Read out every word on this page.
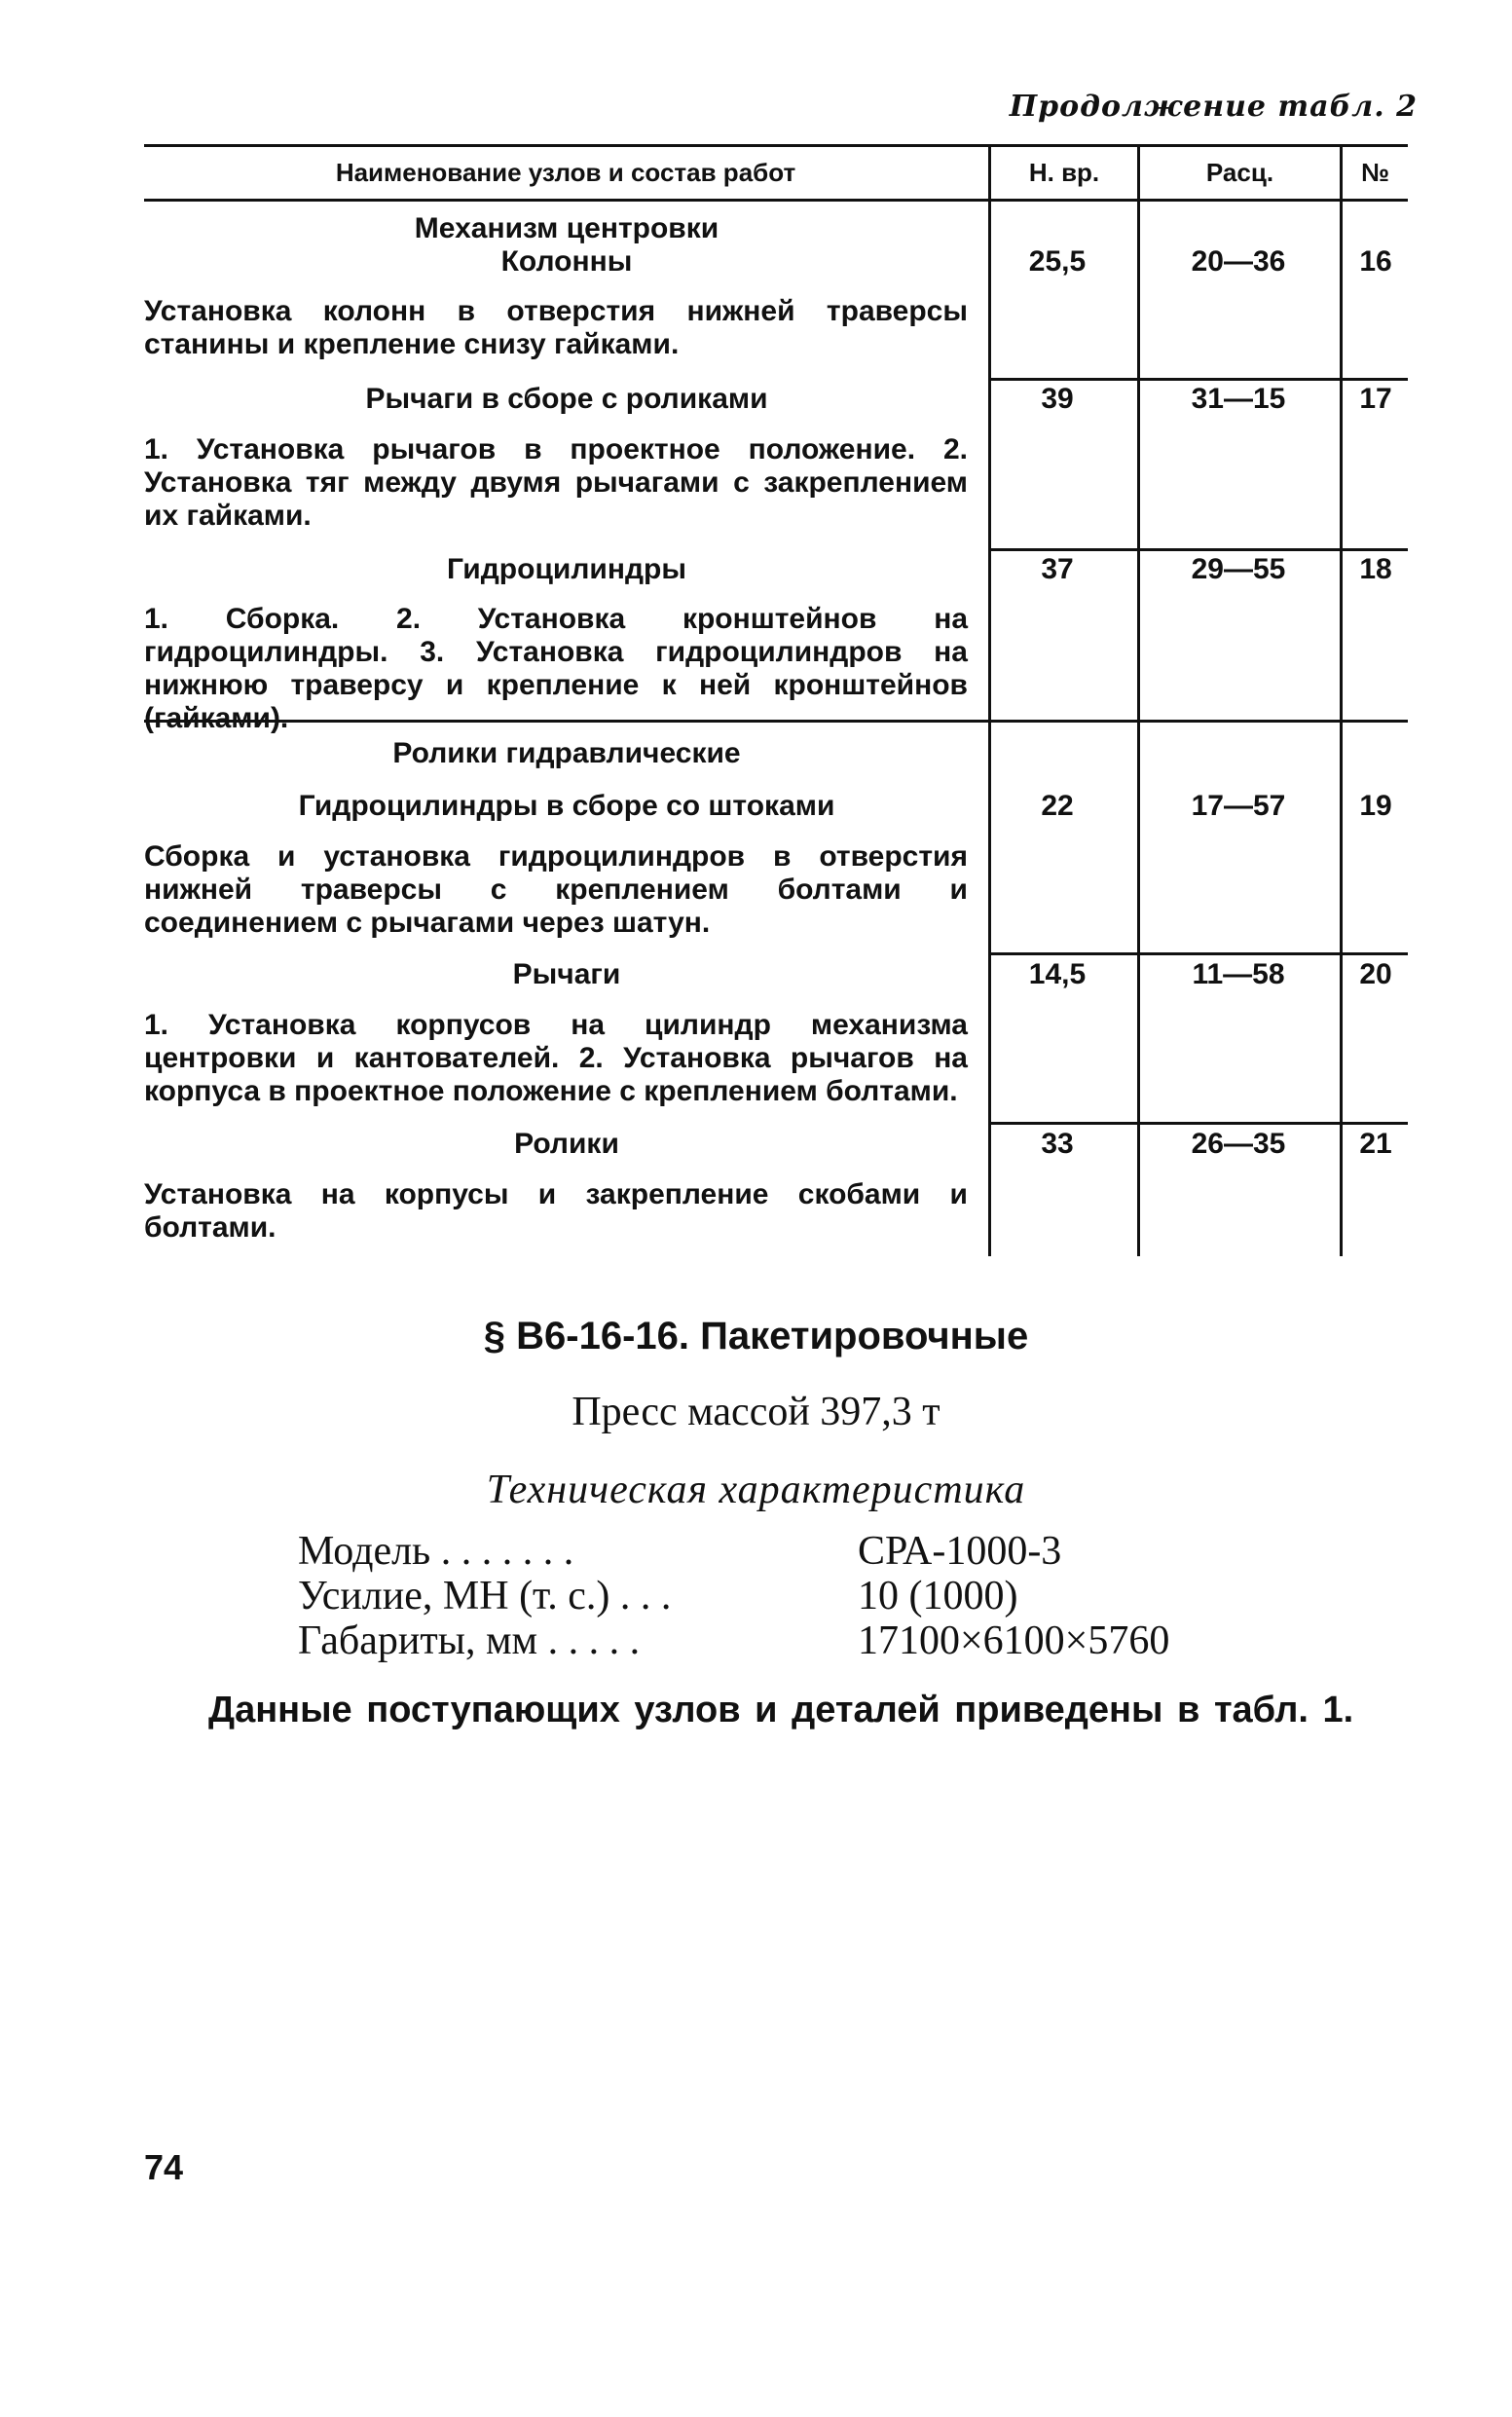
Продолжение табл. 2
Наименование узлов и состав работ	Н. вр.	Расц.	№
Механизм центровки
Колонны
Установка колонн в отверстия нижней траверсы станины и крепление снизу гайками.
25,5	20—36	16
Рычаги в сборе с роликами
1. Установка рычагов в проектное положение. 2. Установка тяг между двумя рычагами с закреплением их гайками.
39	31—15	17
Гидроцилиндры
1. Сборка. 2. Установка кронштейнов на гидроцилиндры. 3. Установка гидроцилиндров на нижнюю траверсу и крепление к ней кронштейнов (гайками).
37	29—55	18
Ролики гидравлические
Гидроцилиндры в сборе со штоками
Сборка и установка гидроцилиндров в отверстия нижней траверсы с креплением болтами и соединением с рычагами через шатун.
22	17—57	19
Рычаги
1. Установка корпусов на цилиндр механизма центровки и кантователей. 2. Установка рычагов на корпуса в проектное положение с креплением болтами.
14,5	11—58	20
Ролики
Установка на корпусы и закрепление скобами и болтами.
33	26—35	21
§ В6-16-16. Пакетировочные
Пресс массой 397,3 т
Техническая характеристика
Модель . . . . . . .	СРА-1000-3
Усилие, МН (т. с.) . . .	10 (1000)
Габариты, мм . . . . .	17100×6100×5760
Данные поступающих узлов и деталей приведены в табл. 1.
74
